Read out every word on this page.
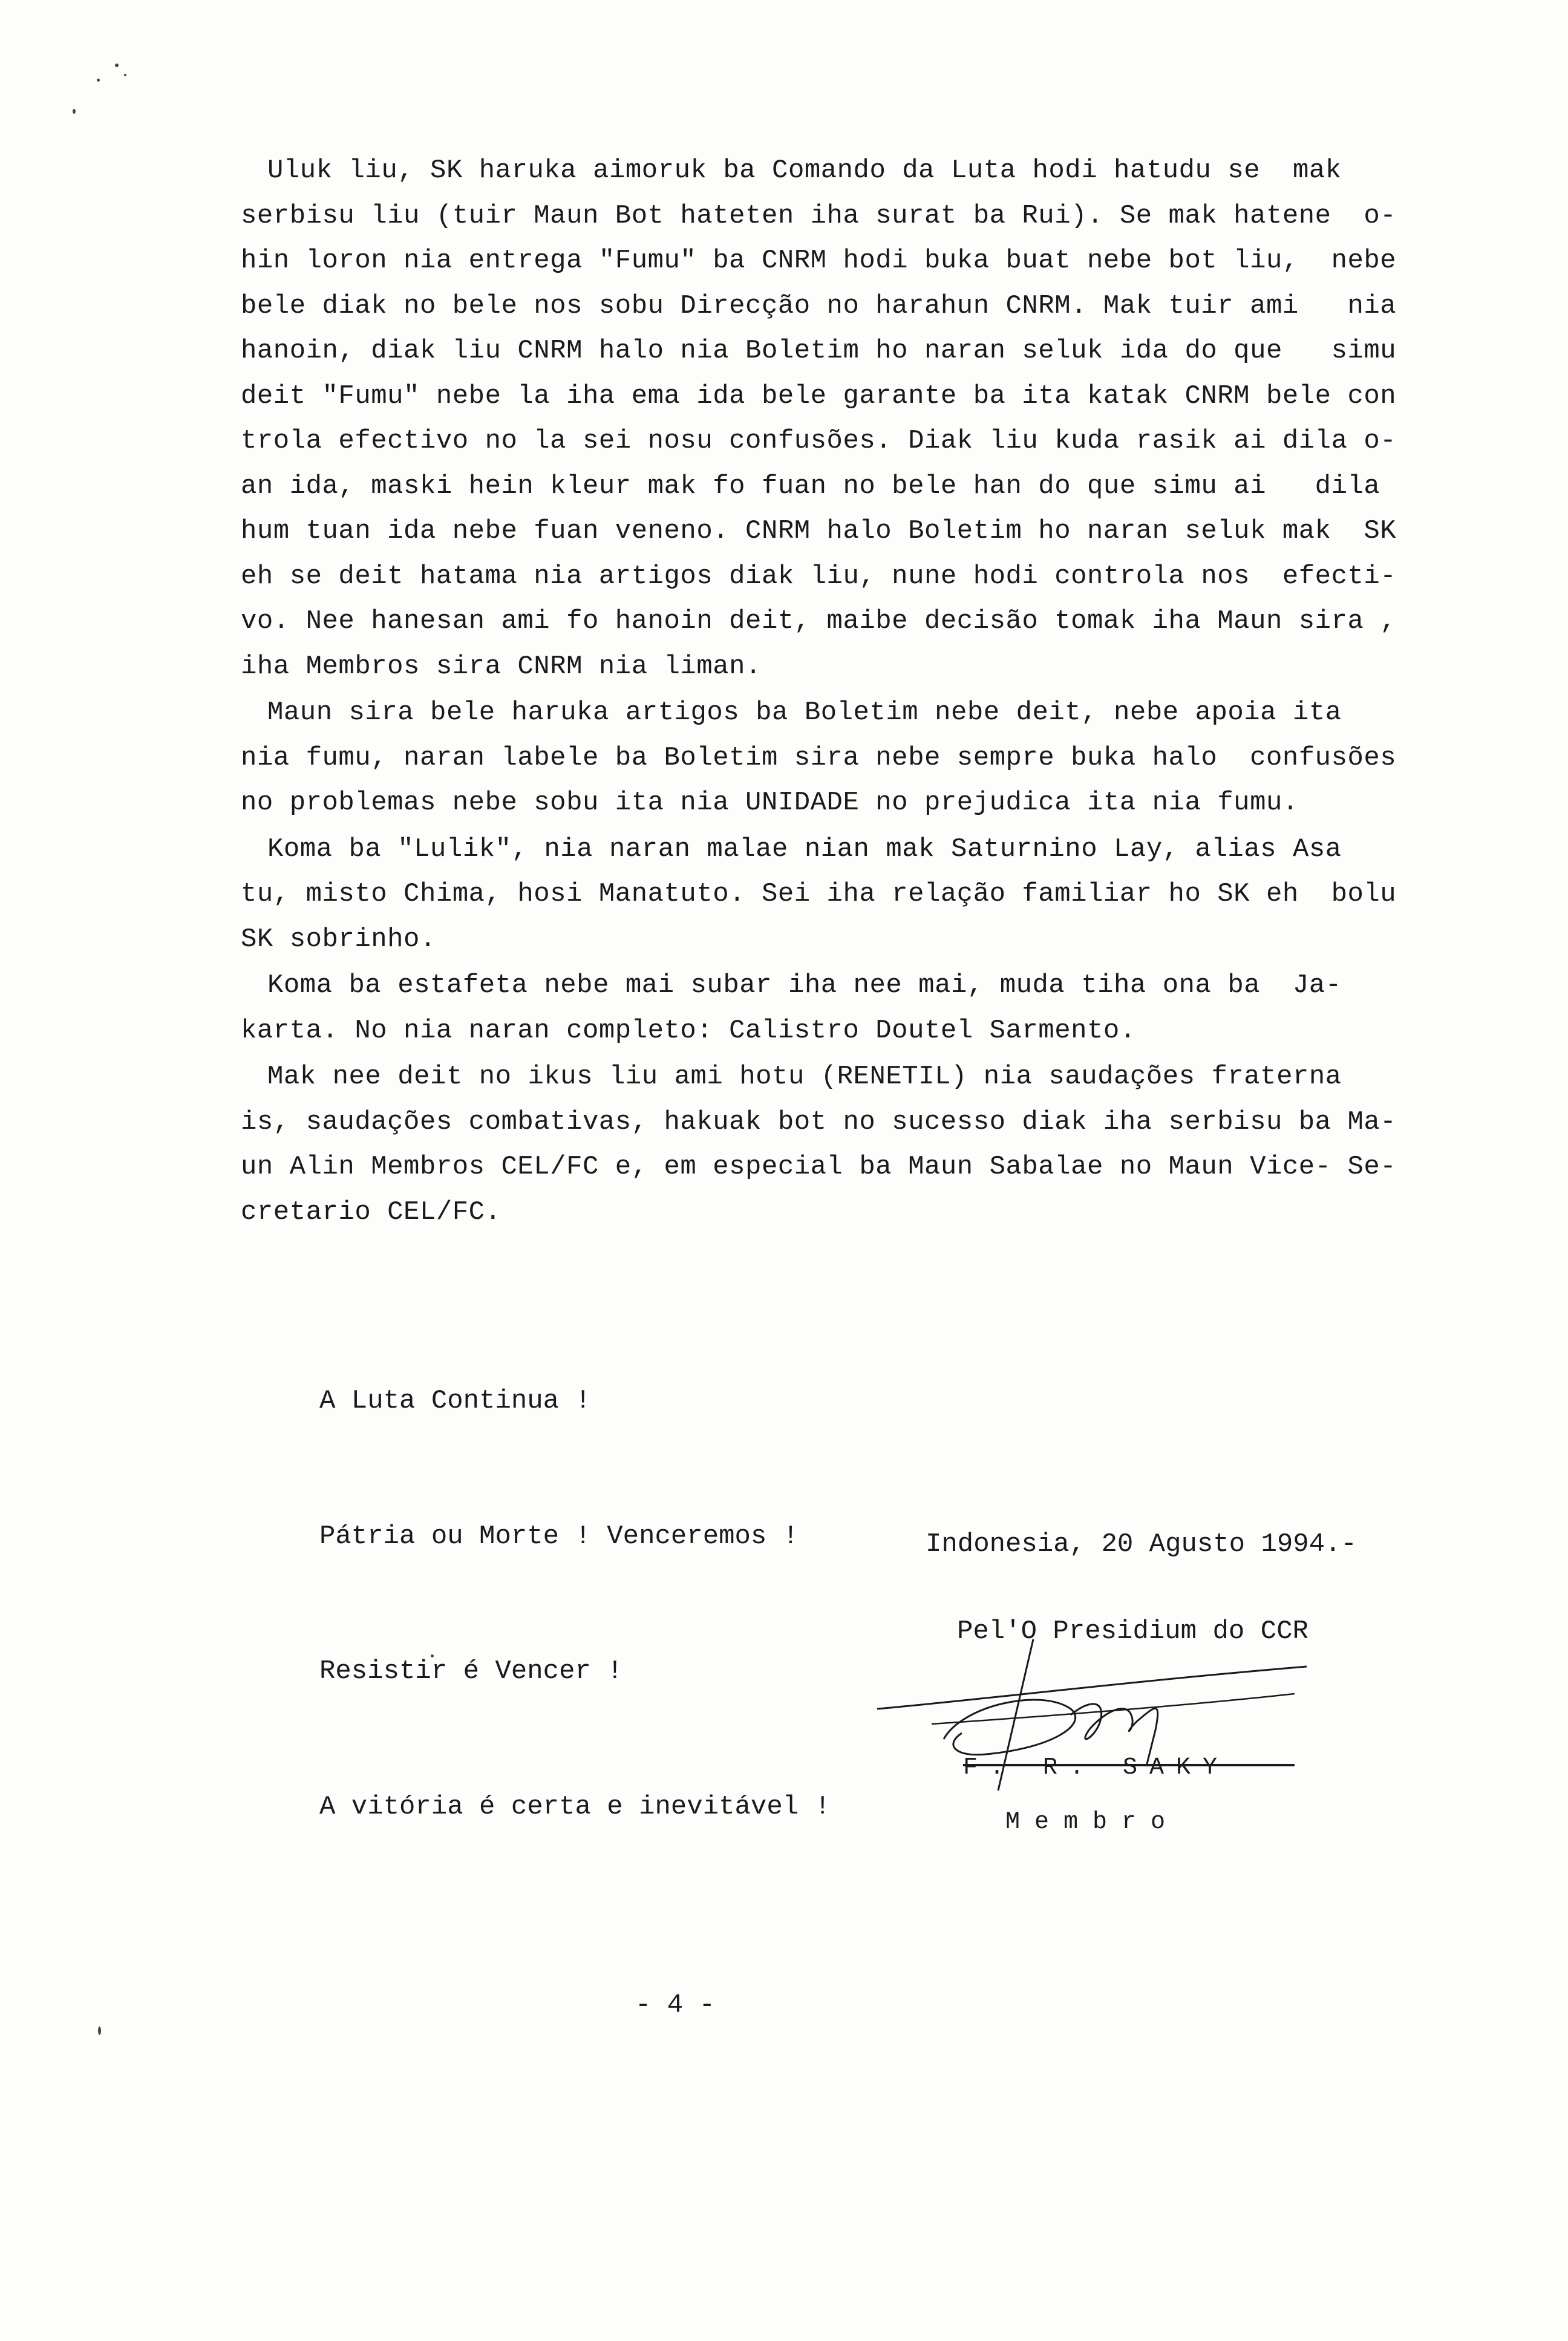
Uluk liu, SK haruka aimoruk ba Comando da Luta hodi hatudu se  mak
serbisu liu (tuir Maun Bot hateten iha surat ba Rui). Se mak hatene  o-
hin loron nia entrega "Fumu" ba CNRM hodi buka buat nebe bot liu,  nebe
bele diak no bele nos sobu Direcção no harahun CNRM. Mak tuir ami   nia
hanoin, diak liu CNRM halo nia Boletim ho naran seluk ida do que   simu
deit "Fumu" nebe la iha ema ida bele garante ba ita katak CNRM bele con
trola efectivo no la sei nosu confusões. Diak liu kuda rasik ai dila o-
an ida, maski hein kleur mak fo fuan no bele han do que simu ai   dila
hum tuan ida nebe fuan veneno. CNRM halo Boletim ho naran seluk mak  SK
eh se deit hatama nia artigos diak liu, nune hodi controla nos  efecti-
vo. Nee hanesan ami fo hanoin deit, maibe decisão tomak iha Maun sira ,
iha Membros sira CNRM nia liman.
Maun sira bele haruka artigos ba Boletim nebe deit, nebe apoia ita
nia fumu, naran labele ba Boletim sira nebe sempre buka halo  confusões
no problemas nebe sobu ita nia UNIDADE no prejudica ita nia fumu.
Koma ba "Lulik", nia naran malae nian mak Saturnino Lay, alias Asa
tu, misto Chima, hosi Manatuto. Sei iha relação familiar ho SK eh  bolu
SK sobrinho.
Koma ba estafeta nebe mai subar iha nee mai, muda tiha ona ba  Ja-
karta. No nia naran completo: Calistro Doutel Sarmento.
Mak nee deit no ikus liu ami hotu (RENETIL) nia saudações fraterna
is, saudações combativas, hakuak bot no sucesso diak iha serbisu ba Ma-
un Alin Membros CEL/FC e, em especial ba Maun Sabalae no Maun Vice- Se-
cretario CEL/FC.

A Luta Continua !

Pátria ou Morte ! Venceremos !

Resistir é Vencer !

A vitória é certa e inevitável !

Indonesia, 20 Agusto 1994.-
Pel'O Presidium do CCR
F. R. SAKY
Membro
- 4 -
